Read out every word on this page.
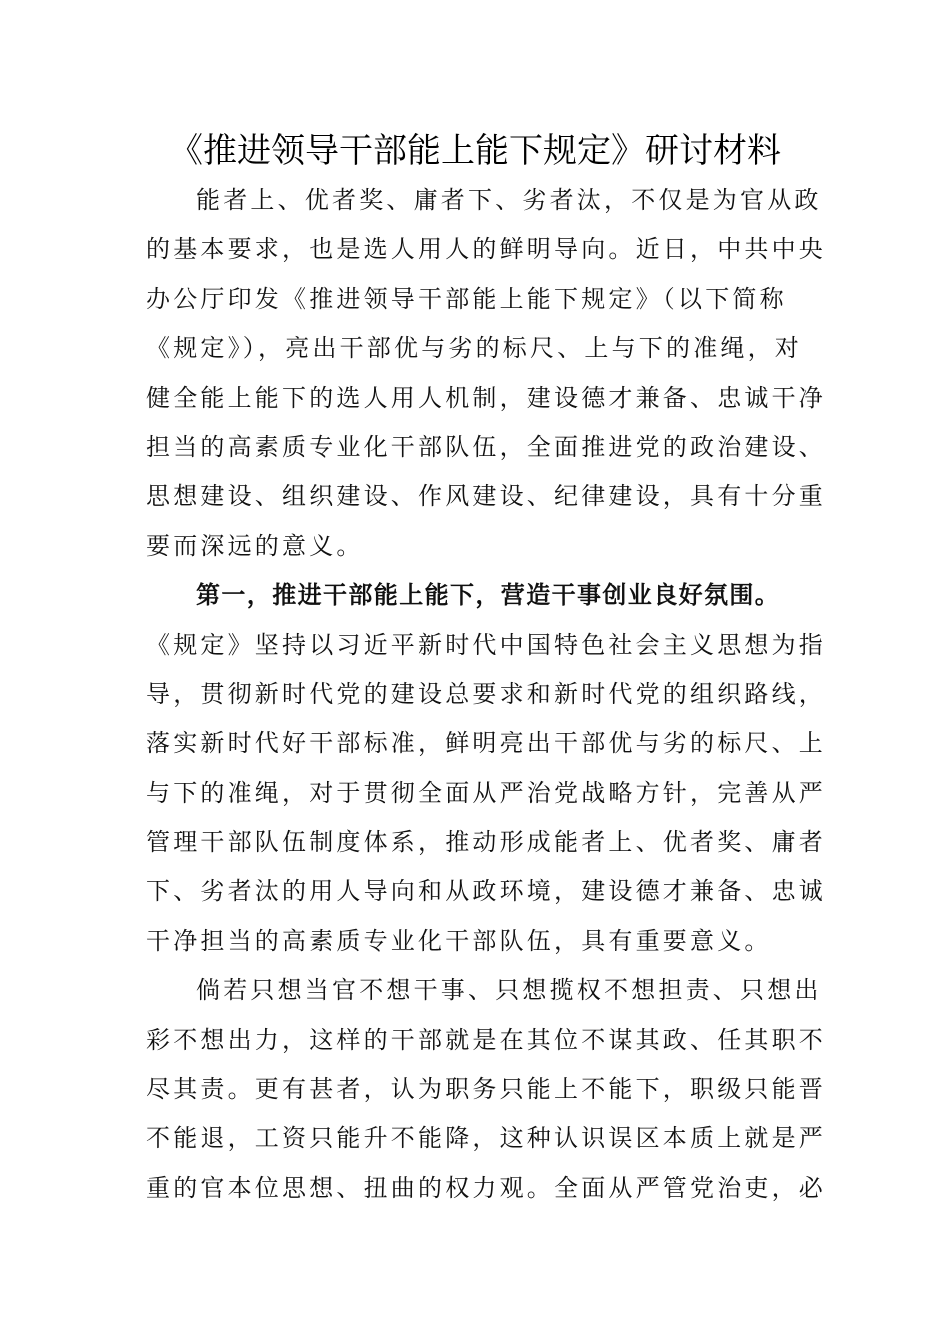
《推进领导干部能上能下规定》研讨材料
能者上、优者奖、庸者下、劣者汰，不仅是为官从政
的基本要求，也是选人用人的鲜明导向。近日，中共中央
办公厅印发《推进领导干部能上能下规定》（以下简称
《规定》），亮出干部优与劣的标尺、上与下的准绳，对
健全能上能下的选人用人机制，建设德才兼备、忠诚干净
担当的高素质专业化干部队伍，全面推进党的政治建设、
思想建设、组织建设、作风建设、纪律建设，具有十分重
要而深远的意义。
第一，推进干部能上能下，营造干事创业良好氛围。
《规定》坚持以习近平新时代中国特色社会主义思想为指
导，贯彻新时代党的建设总要求和新时代党的组织路线，
落实新时代好干部标准，鲜明亮出干部优与劣的标尺、上
与下的准绳，对于贯彻全面从严治党战略方针，完善从严
管理干部队伍制度体系，推动形成能者上、优者奖、庸者
下、劣者汰的用人导向和从政环境，建设德才兼备、忠诚
干净担当的高素质专业化干部队伍，具有重要意义。
倘若只想当官不想干事、只想揽权不想担责、只想出
彩不想出力，这样的干部就是在其位不谋其政、任其职不
尽其责。更有甚者，认为职务只能上不能下，职级只能晋
不能退，工资只能升不能降，这种认识误区本质上就是严
重的官本位思想、扭曲的权力观。全面从严管党治吏，必
